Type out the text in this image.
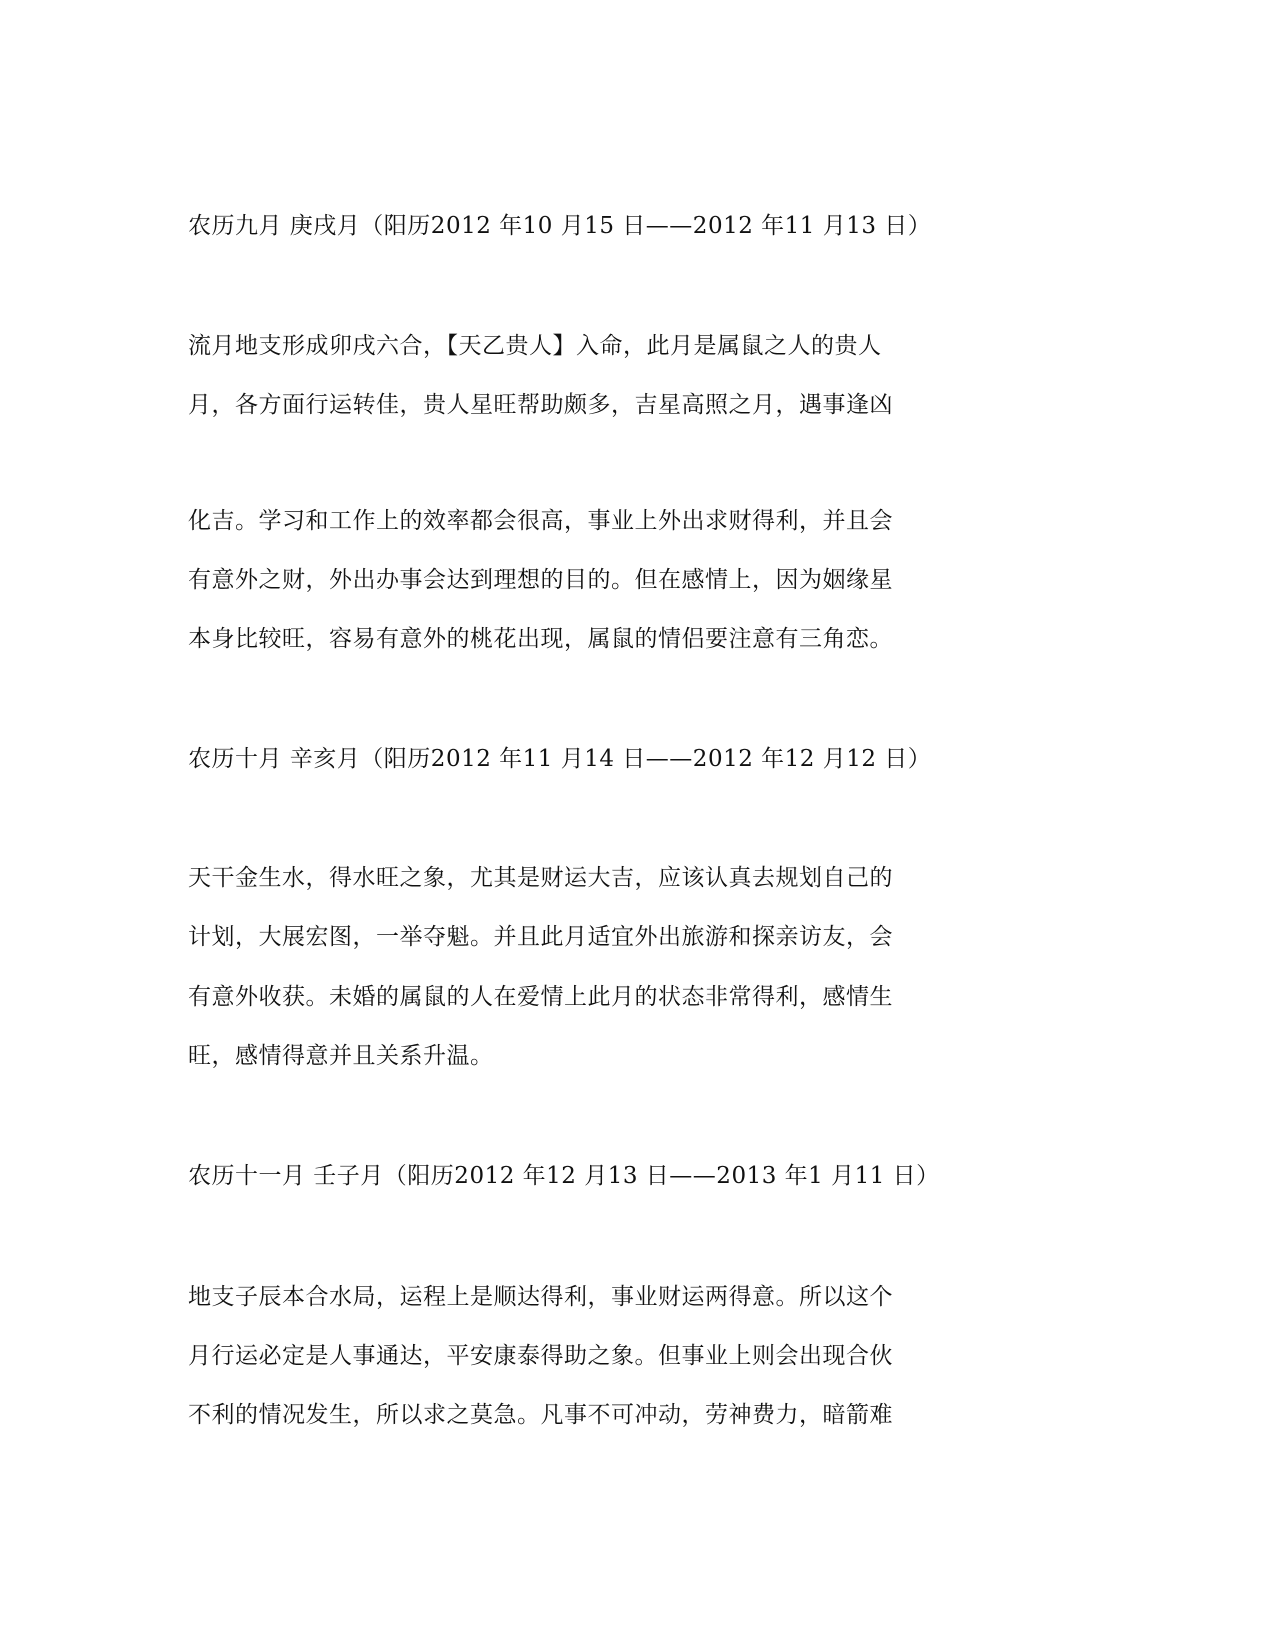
农历九月 庚戌月（阳历2012 年10 月15 日——2012 年11 月13 日）

流月地支形成卯戌六合，【天乙贵人】入命，此月是属鼠之人的贵人

月，各方面行运转佳，贵人星旺帮助颇多，吉星高照之月，遇事逢凶

化吉。学习和工作上的效率都会很高，事业上外出求财得利，并且会

有意外之财，外出办事会达到理想的目的。但在感情上，因为姻缘星

本身比较旺，容易有意外的桃花出现，属鼠的情侣要注意有三角恋。

农历十月 辛亥月（阳历2012 年11 月14 日——2012 年12 月12 日）

天干金生水，得水旺之象，尤其是财运大吉，应该认真去规划自己的

计划，大展宏图，一举夺魁。并且此月适宜外出旅游和探亲访友，会

有意外收获。未婚的属鼠的人在爱情上此月的状态非常得利，感情生

旺，感情得意并且关系升温。

农历十一月 壬子月（阳历2012 年12 月13 日——2013 年1 月11 日）

地支子辰本合水局，运程上是顺达得利，事业财运两得意。所以这个

月行运必定是人事通达，平安康泰得助之象。但事业上则会出现合伙

不利的情况发生，所以求之莫急。凡事不可冲动，劳神费力，暗箭难
